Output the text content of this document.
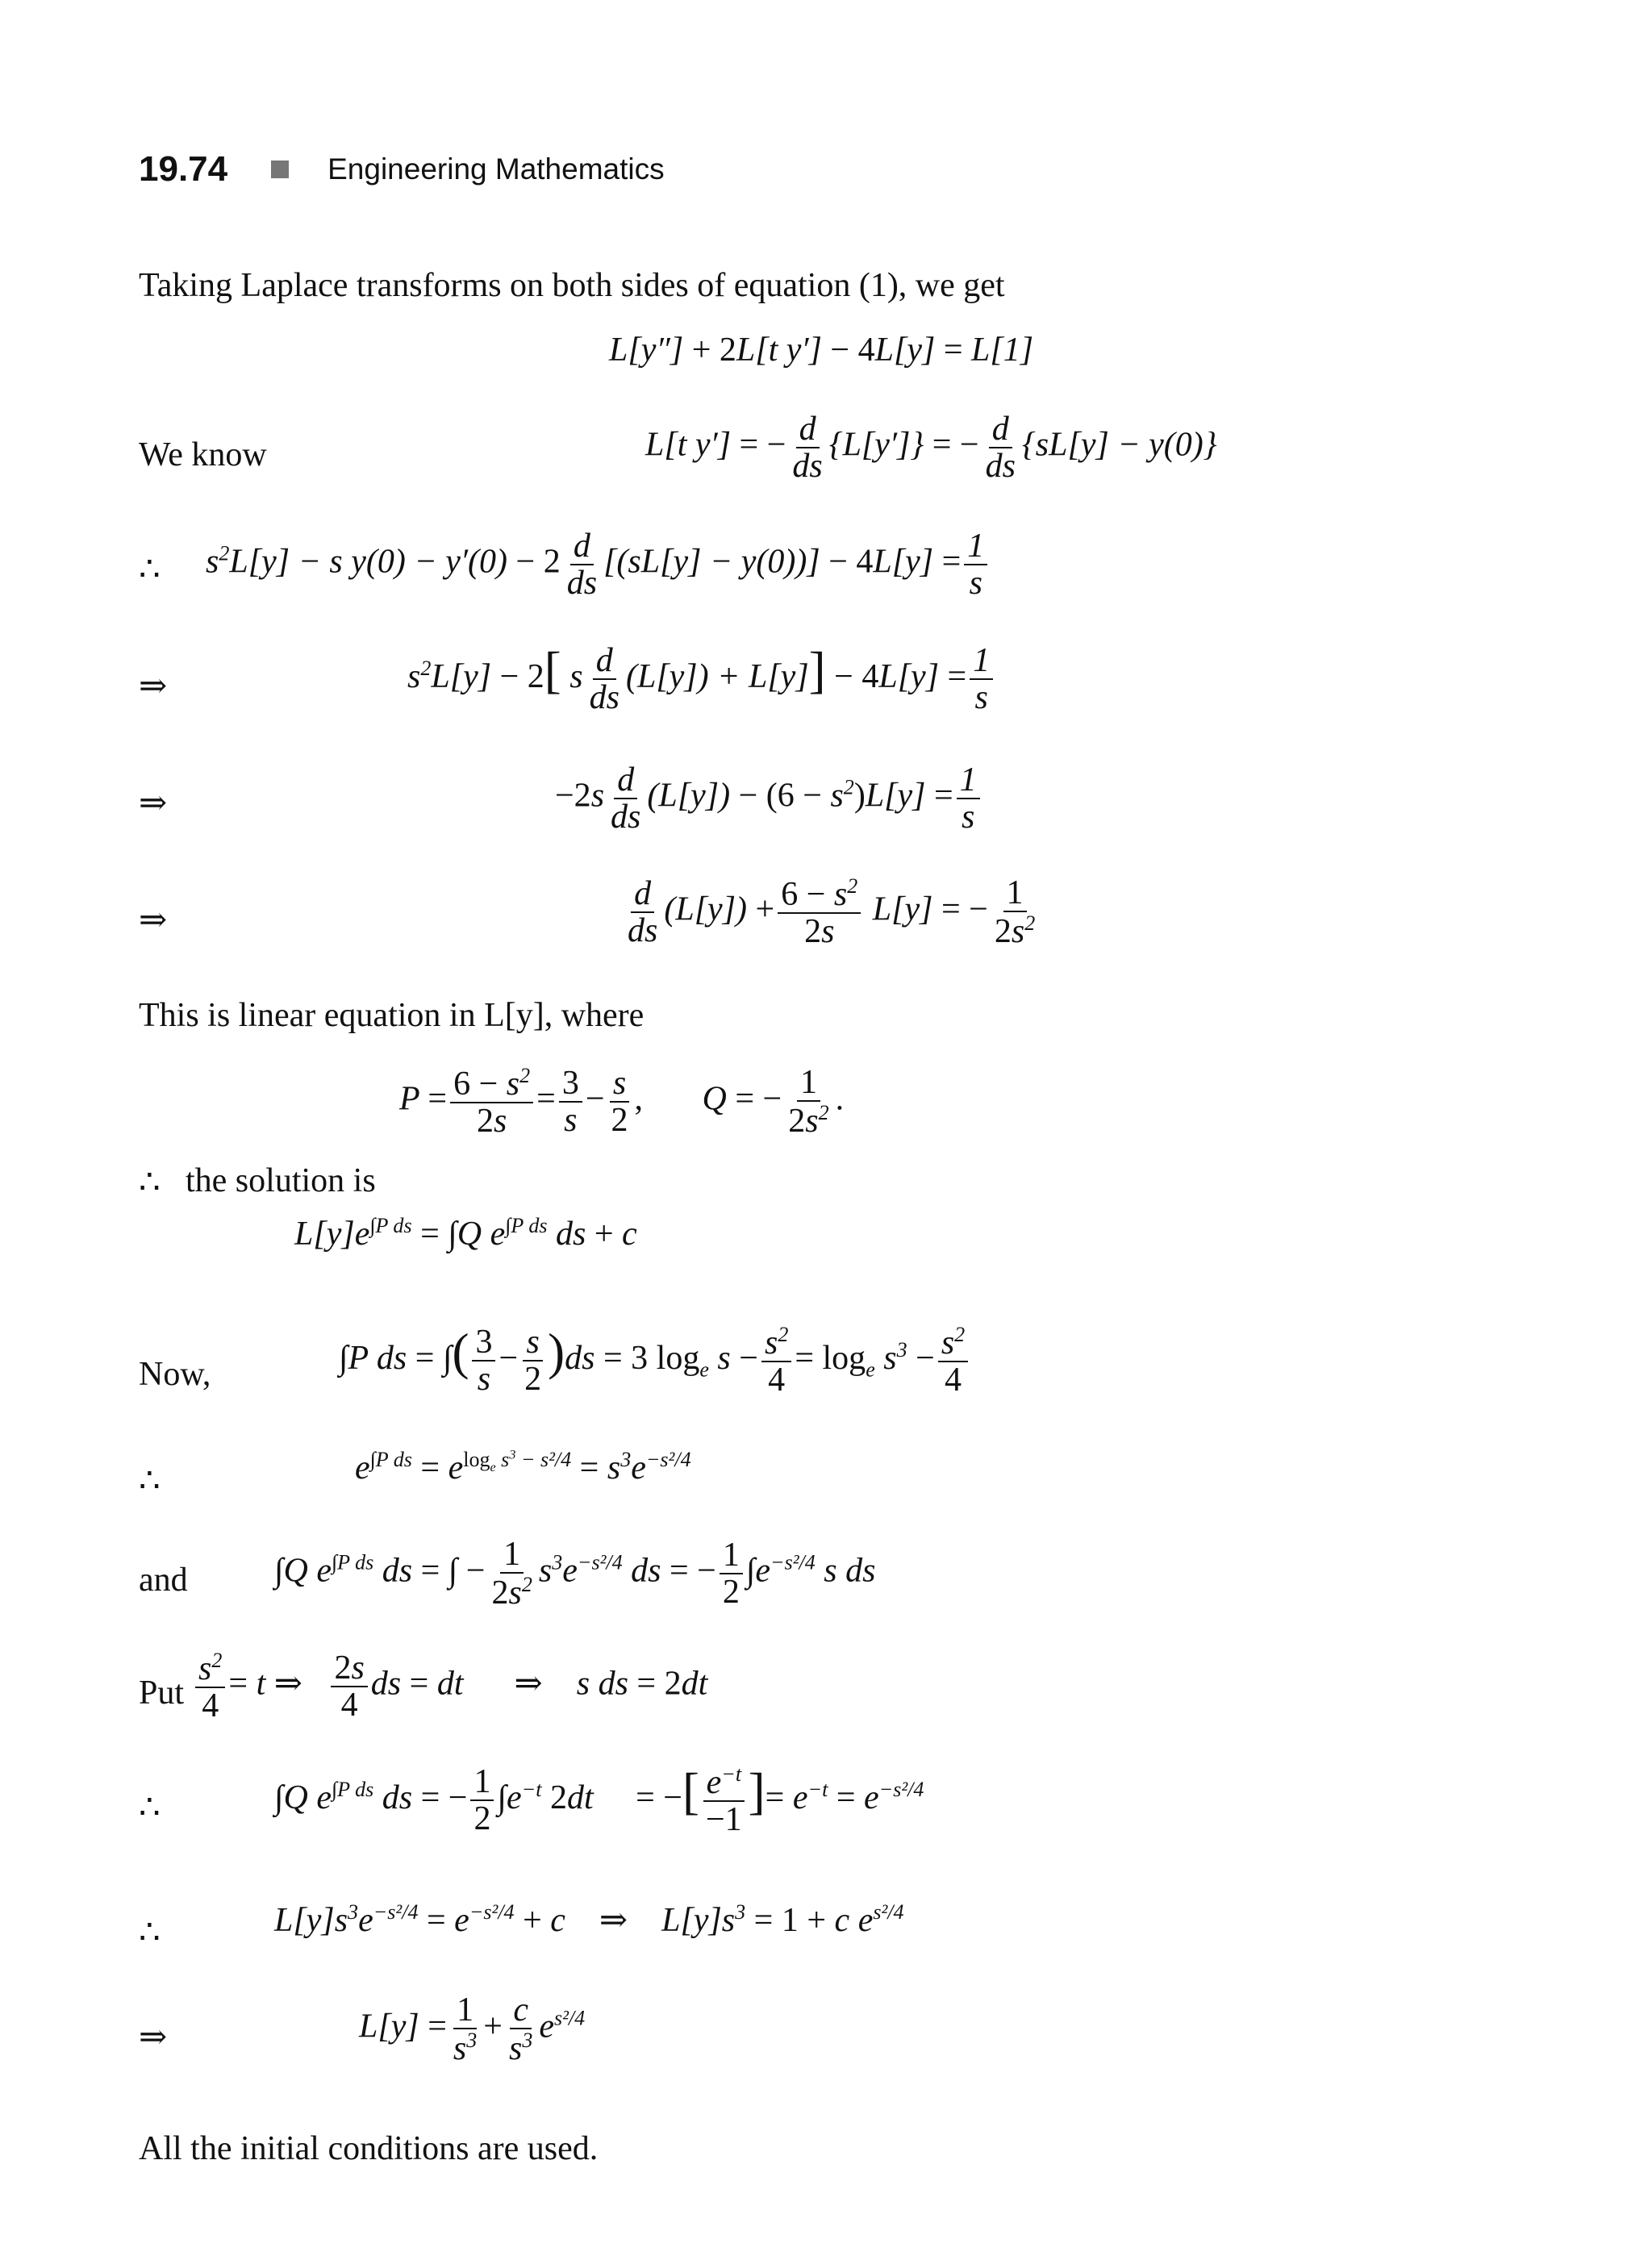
19.74	Engineering Mathematics
Taking Laplace transforms on both sides of equation (1), we get
L[y″] + 2L[t y′] − 4L[y] = L[1]
We know	L[t y′] = − $\frac{d}{ds} \{L[y']\}$ = − $\frac{d}{ds} \{sL[y] - y(0)\}$
∴ $s^2L[y] - s$ $y(0) - y'(0) - 2 \frac{d}{ds} [(sL[y] - y(0))] - 4L[y] = \frac{1}{s}$
⇒	$s^2L[y] - 2$[ s $\frac{d}{ds} (L[y]) + L[y]] - 4L[y] = \frac{1}{s}$
⇒	$-2s \frac{d}{ds} (L[y]) - (6 - s^2)L[y] = \frac{1}{s}$
⇒	$\frac{d}{ds} (L[y]) + \frac{6 - s^2}{2s} L[y]$ = − $\frac{1}{2s^2}$
This is linear equation in L[y], where
$P = \frac{6 - s^2}{2s} = \frac{3}{s} - \frac{s}{2}$ ,       Q = − $\frac{1}{2s^2}$ .
∴ the solution is
$L[y]e^{\int P ds} = \int Q$ $e^{\int P ds}$ ds + c
Now,	∫P ds = ∫( $\frac{3}{s} - \frac{s}{2} )ds = 3$ $\log_e s - \frac{s^2}{4} = \log_e s^3 - \frac{s^2}{4}$
∴	$e^{\int P ds} = e^{log_e s^3 - s^2/4} = s^3e^{-s^2/4}$
and	∫Q $e^{\int P ds}$ ds = ∫ − $\frac{1}{2s^2} s^3e^{-s^2/4}$ ds = − $\frac{1}{2} \int e^{-s^2/4}$ s ds
Put $\frac{s^2}{4} = t$ ⇒ $\frac{2s}{4}$ ds = dt      ⇒    s ds = 2dt
∴	∫Q $e^{\int P ds}$ ds = − $\frac{1}{2} \int e^{-t}$ 2dt     = −[ $\frac{e^{-t}}{-1}$ ]= $e^{-t} = e^{-s^2/4}$
∴	$L[y]s^3e^{-s^2/4} = e^{-s^2/4} + c$    ⇒    $L[y]s^3 = 1 + c$ $e^{s^2/4}$
⇒	$L[y] = \frac{1}{s^3} + \frac{c}{s^3} e^{s^2/4}$
All the initial conditions are used.
